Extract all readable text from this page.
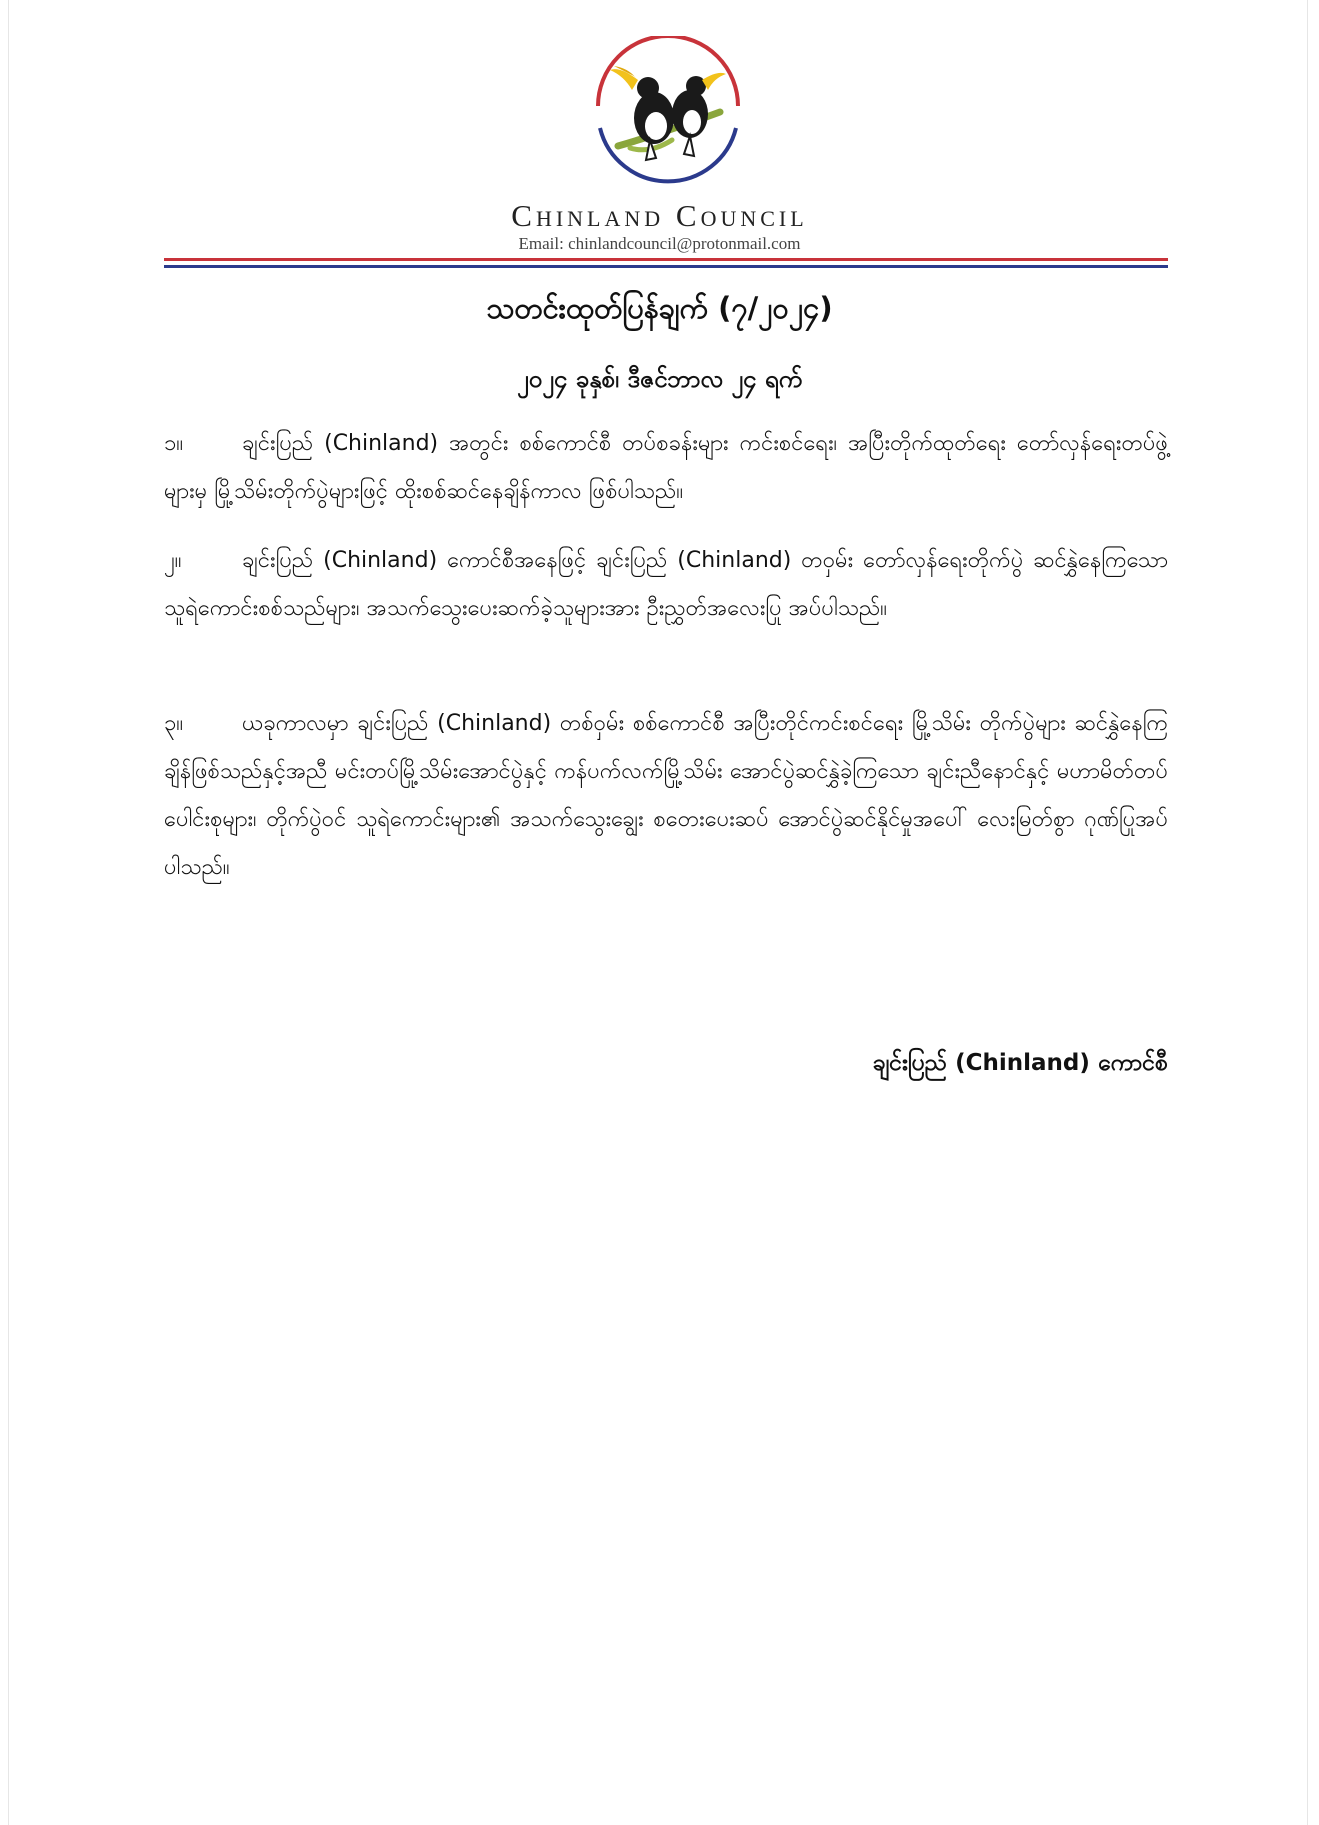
Chinland Council
Email: chinlandcouncil@protonmail.com
သတင်းထုတ်ပြန်ချက် (၇/၂၀၂၄)
၂၀၂၄ ခုနှစ်၊ ဒီဇင်ဘာလ ၂၄ ရက်

၁။	ချင်းပြည် (Chinland) အတွင်း စစ်ကောင်စီ တပ်စခန်းများ ကင်းစင်ရေး၊ အပြီးတိုက်ထုတ်ရေး တော်လှန်ရေးတပ်ဖွဲ့များမှ မြို့သိမ်းတိုက်ပွဲများဖြင့် ထိုးစစ်ဆင်နေချိန်ကာလ ဖြစ်ပါသည်။

၂။	ချင်းပြည် (Chinland) ကောင်စီအနေဖြင့် ချင်းပြည် (Chinland) တဝှမ်း တော်လှန်ရေးတိုက်ပွဲ ဆင်နွှဲနေကြသော သူရဲကောင်းစစ်သည်များ၊ အသက်သွေးပေးဆက်ခဲ့သူများအား ဦးညွှတ်အလေးပြု အပ်ပါသည်။

၃။	ယခုကာလမှာ ချင်းပြည် (Chinland) တစ်ဝှမ်း စစ်ကောင်စီ အပြီးတိုင်ကင်းစင်ရေး မြို့သိမ်း တိုက်ပွဲများ ဆင်နွှဲနေကြချိန်ဖြစ်သည်နှင့်အညီ မင်းတပ်မြို့သိမ်းအောင်ပွဲနှင့် ကန်ပက်လက်မြို့သိမ်း အောင်ပွဲဆင်နွှဲခဲ့ကြသော ချင်းညီနောင်နှင့် မဟာမိတ်တပ်ပေါင်းစုများ၊ တိုက်ပွဲဝင် သူရဲကောင်းများ၏ အသက်သွေးချွေး စတေးပေးဆပ် အောင်ပွဲဆင်နိုင်မှုအပေါ် လေးမြတ်စွာ ဂုဏ်ပြုအပ်ပါသည်။

ချင်းပြည် (Chinland) ကောင်စီ
